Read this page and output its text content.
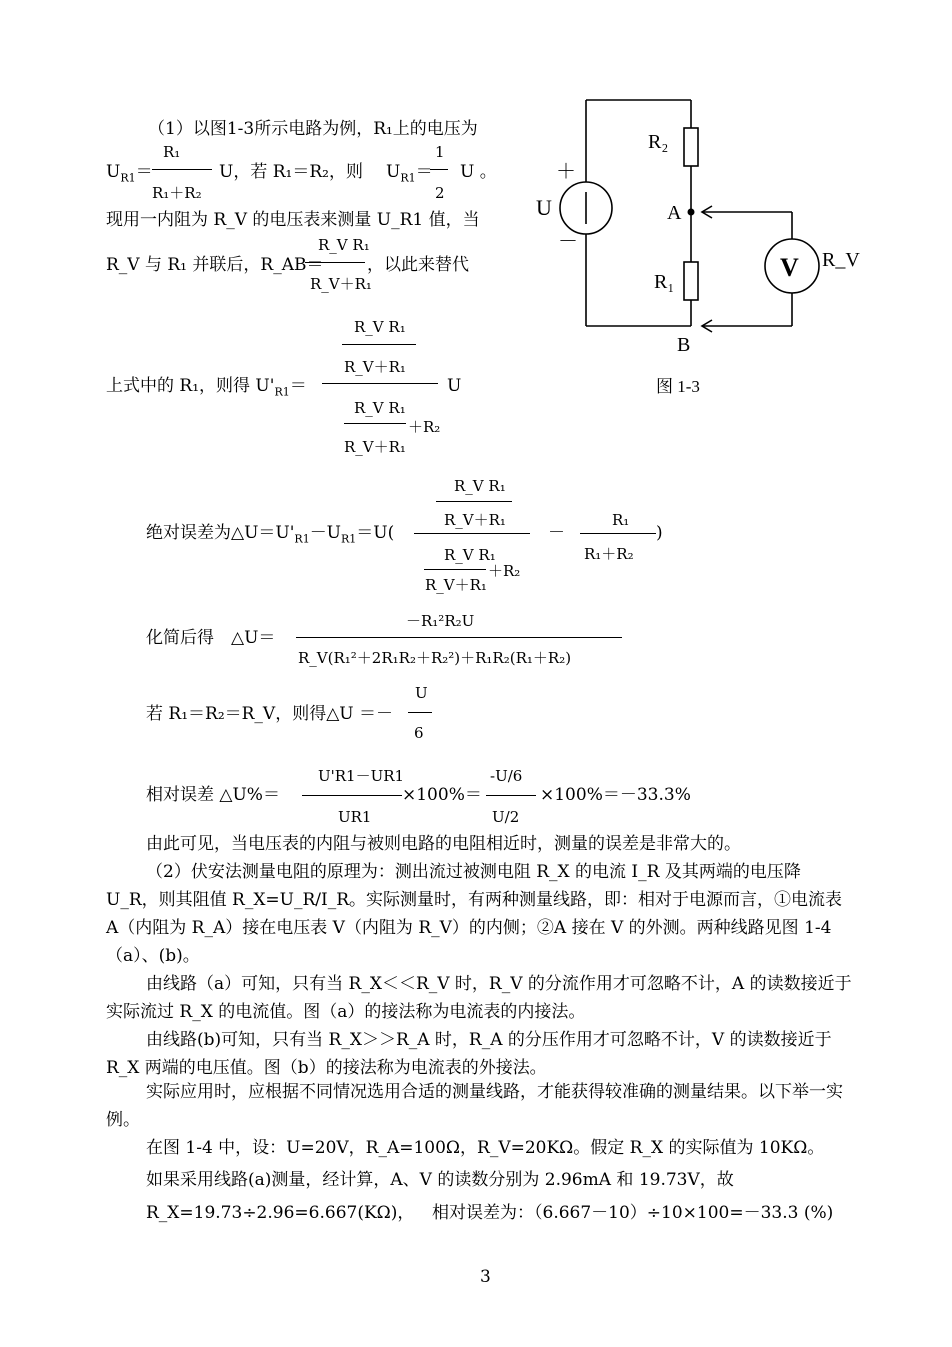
（1）以图1-3所示电路为例，R₁上的电压为
$U_{R1}=$
R₁
R₁＋R₂
U，若 R₁＝R₂，则 $U_{R1}=$
1
2
U 。
现用一内阻为 R_V 的电压表来测量 U_R1 值，当
R_V 与 R₁ 并联后，R_AB＝
R_V R₁
R_V＋R₁
，以此来替代
上式中的 R₁，则得 $U'_{R1}=$
R_V R₁
R_V＋R₁
U
R_V R₁
＋R₂
R_V＋R₁
绝对误差为$\triangle U=U'_{R1}-U_{R1}=U$(
R_V R₁
R_V＋R₁
－
R_V R₁
＋R₂
R_V＋R₁
R₁
R₁＋R₂
)
化简后得　△U＝
－R₁²R₂U
R_V(R₁²＋2R₁R₂＋R₂²)＋R₁R₂(R₁＋R₂)
若 R₁＝R₂＝R_V，则得△U ＝－
U
6
相对误差 △U%＝
U'R1－UR1
UR1
×100%＝
-U/6
U/2
×100%＝－33.3%
由此可见，当电压表的内阻与被则电路的电阻相近时，测量的误差是非常大的。
（2）伏安法测量电阻的原理为：测出流过被测电阻 R_X 的电流 I_R 及其两端的电压降 U_R，则其阻值 R_X=U_R/I_R。实际测量时，有两种测量线路，即：相对于电源而言，①电流表 A（内阻为 R_A）接在电压表 V（内阻为 R_V）的内侧；②A 接在 V 的外测。两种线路见图 1-4（a）、(b)。
由线路（a）可知，只有当 R_X＜＜R_V 时，R_V 的分流作用才可忽略不计，A 的读数接近于实际流过 R_X 的电流值。图（a）的接法称为电流表的内接法。
由线路(b)可知，只有当 R_X＞＞R_A 时，R_A 的分压作用才可忽略不计，V 的读数接近于 R_X 两端的电压值。图（b）的接法称为电流表的外接法。
实际应用时，应根据不同情况选用合适的测量线路，才能获得较准确的测量结果。以下举一实例。
在图 1-4 中，设：U=20V，R_A=100Ω，R_V=20KΩ。假定 R_X 的实际值为 10KΩ。
如果采用线路(a)测量，经计算，A、V 的读数分别为 2.96mA 和 19.73V，故
R_X=19.73÷2.96=6.667(KΩ)， 相对误差为：（6.667－10）÷10×100=－33.3 (%)
R₂
R₁
A
B
U
＋
－
V R_V
图 1-3
3
